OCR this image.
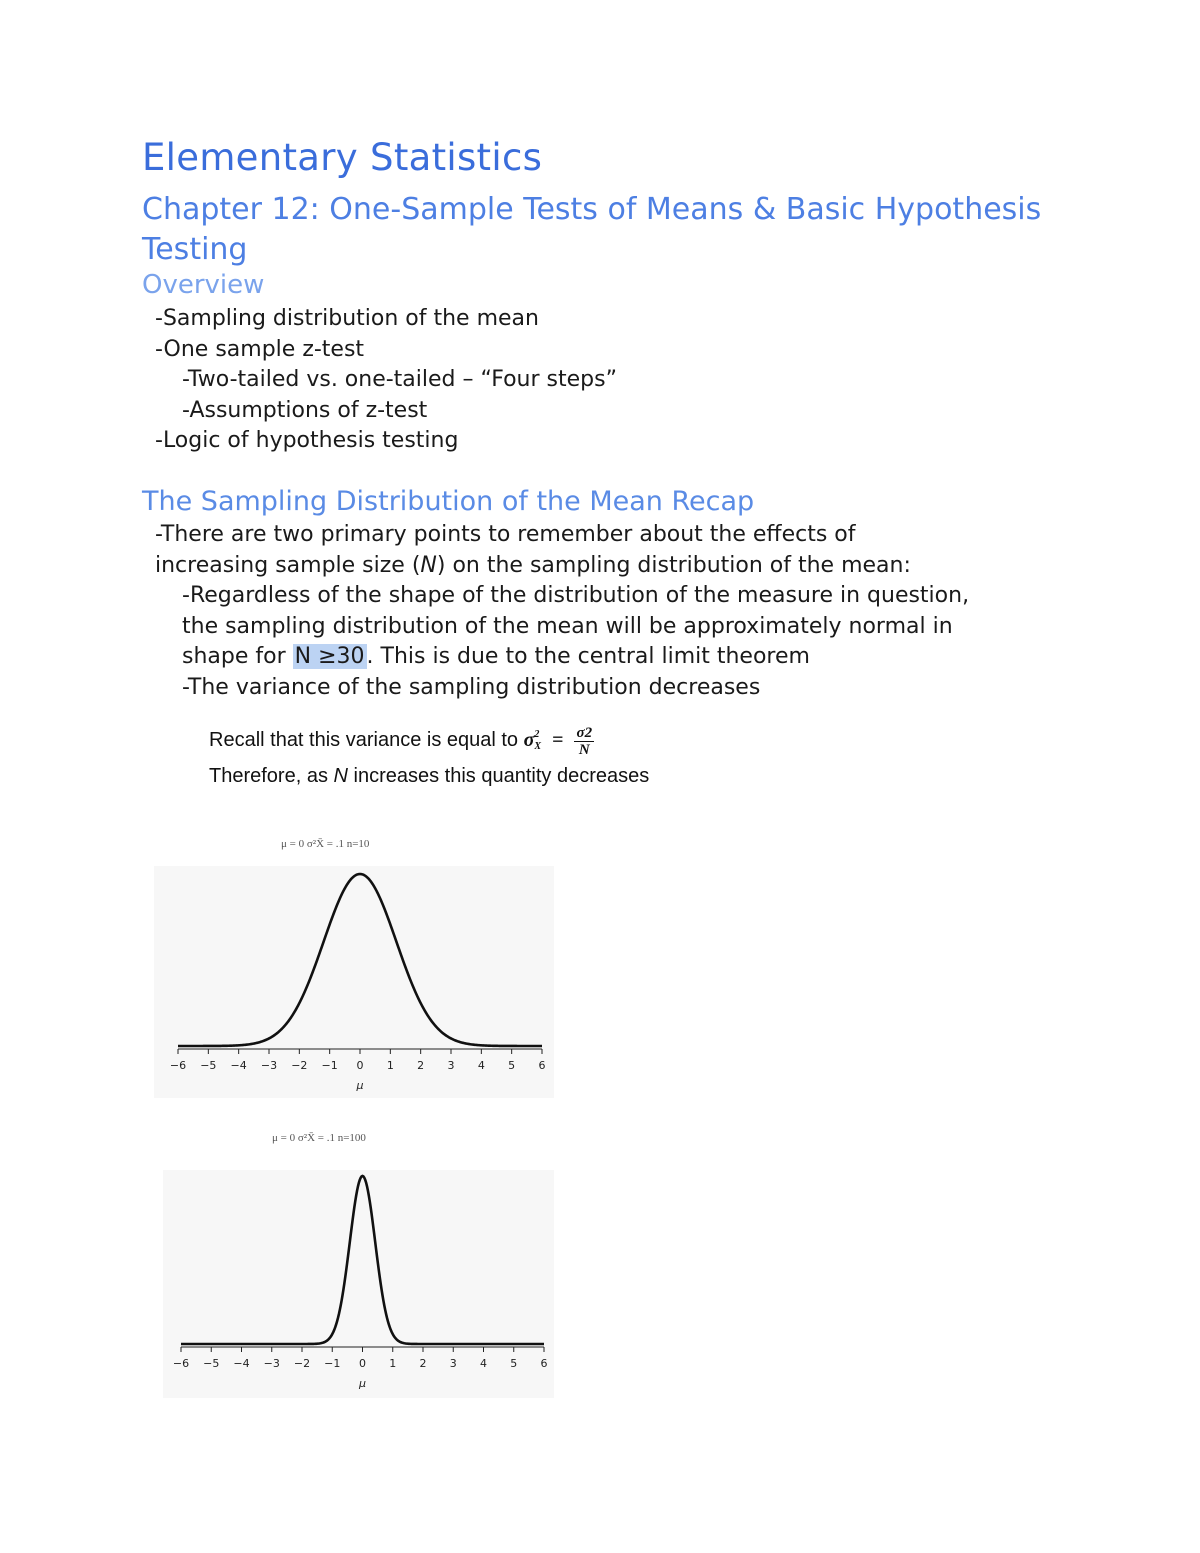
Elementary Statistics
Chapter 12: One-Sample Tests of Means & Basic Hypothesis Testing
Overview
-Sampling distribution of the mean
-One sample z-test
-Two-tailed vs. one-tailed – “Four steps”
-Assumptions of z-test
-Logic of hypothesis testing
The Sampling Distribution of the Mean Recap
-There are two primary points to remember about the effects of
increasing sample size (N) on the sampling distribution of the mean:
-Regardless of the shape of the distribution of the measure in question,
the sampling distribution of the mean will be approximately normal in
shape for N ≥30. This is due to the central limit theorem
-The variance of the sampling distribution decreases
Recall that this variance is equal to σ 2
$X = \frac{\sigma 2}{N}$
Therefore, as N increases this quantity decreases
μ = 0 σ²X̄ = .1 n=10
−6 −5 −4 −3 −2 −1 0 1 2 3 4 5 6
μ
μ = 0 σ²X̄ = .1 n=100
−6 −5 −4 −3 −2 −1 0 1 2 3 4 5 6
μ
